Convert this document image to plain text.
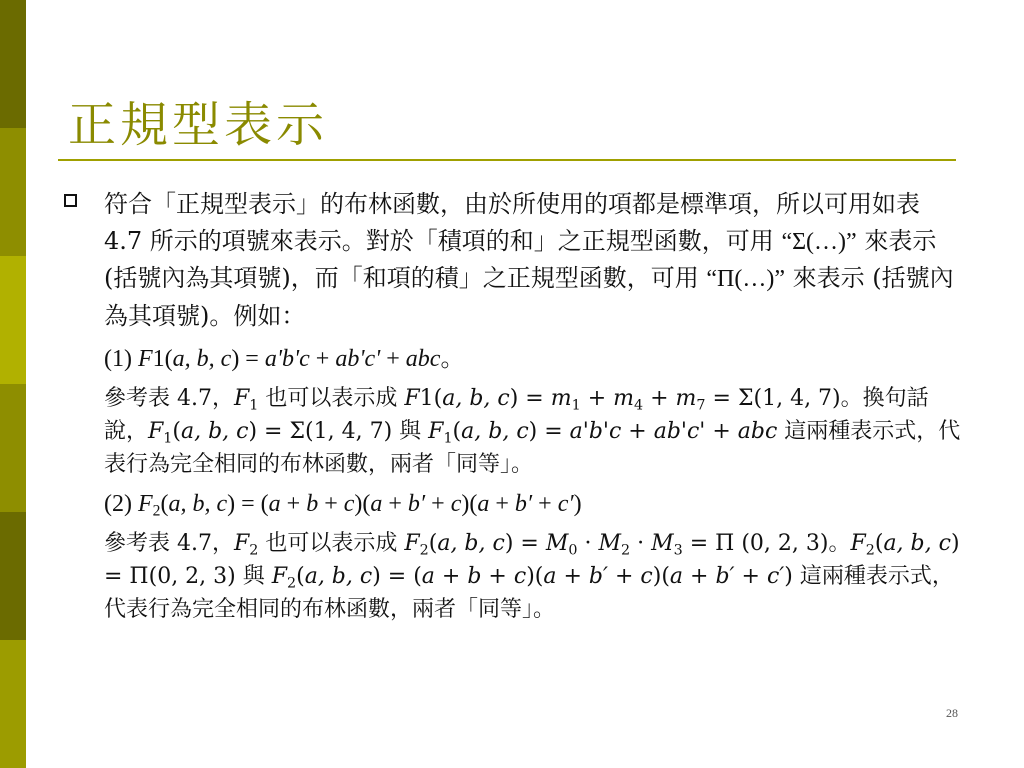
正規型表示

符合「正規型表示」的布林函數，由於所使用的項都是標準項，所以可用如表 4.7 所示的項號來表示。對於「積項的和」之正規型函數，可用 “Σ(…)” 來表示 (括號內為其項號)，而「和項的積」之正規型函數，可用 “Π(…)” 來表示 (括號內為其項號)。例如：

(1) F1(a, b, c) = a'b'c + ab'c' + abc。

參考表 4.7，$F_1$ 也可以表示成 F1(a, b, $c) = m_1 + m_4 + m_7 = \Sigma(1$, 4, 7)。換句話說，$F_1(a$, b, c) = Σ(1, 4, 7) 與 $F_1(a$, b, c) = a'b'c + ab'c' + abc 這兩種表示式，代表行為完全相同的布林函數，兩者「同等」。

(2) $F_2(a$, b, c) = (a + b + c)(a + b′ + c)(a + b′ + c′)

參考表 4.7，$F_2$ 也可以表示成 $F_2(a$, b, $c) = M_0 \cdot M_2 \cdot M_3 = \Pi$ (0, 2, 3)。$F_2(a$, b, c) = Π(0, 2, 3) 與 $F_2(a$, b, c) = (a + b + c)(a + b′ + c)(a + b′ + c′) 這兩種表示式，代表行為完全相同的布林函數，兩者「同等」。

28
